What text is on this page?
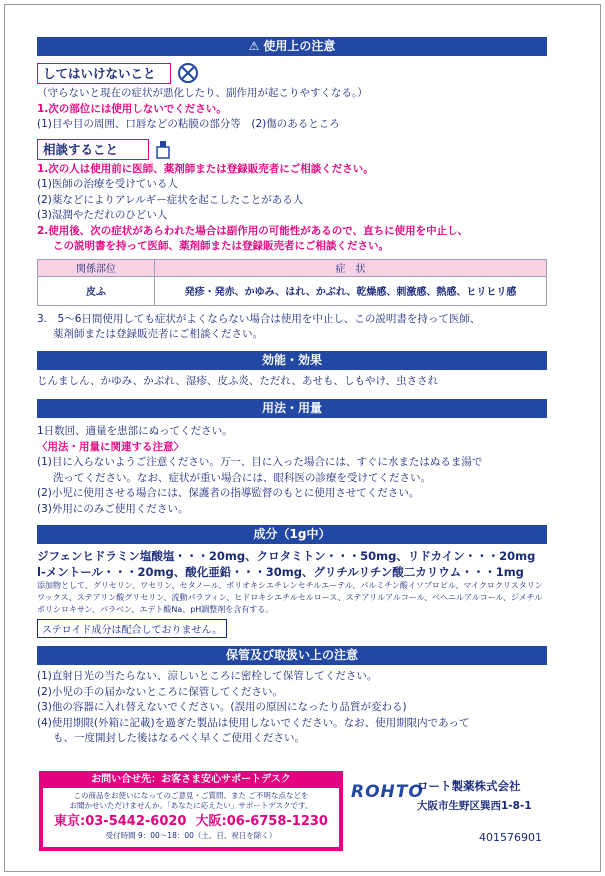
⚠ 使用上の注意
してはいけないこと
（守らないと現在の症状が悪化したり、副作用が起こりやすくなる。）
1.次の部位には使用しないでください。
(1)目や目の周囲、口唇などの粘膜の部分等　(2)傷のあるところ
相談すること
1.次の人は使用前に医師、薬剤師または登録販売者にご相談ください。
(1)医師の治療を受けている人
(2)薬などによりアレルギー症状を起こしたことがある人
(3)湿潤やただれのひどい人
2.使用後、次の症状があらわれた場合は副作用の可能性があるので、直ちに使用を中止し、
この説明書を持って医師、薬剤師または登録販売者にご相談ください。
関係部位	症　状
皮ふ	発疹・発赤、かゆみ、はれ、かぶれ、乾燥感、刺激感、熱感、ヒリヒリ感
3.　5～6日間使用しても症状がよくならない場合は使用を中止し、この説明書を持って医師、
薬剤師または登録販売者にご相談ください。
効能・効果
じんましん、かゆみ、かぶれ、湿疹、皮ふ炎、ただれ、あせも、しもやけ、虫さされ
用法・用量
1日数回、適量を患部にぬってください。
〈用法・用量に関連する注意〉
(1)目に入らないようご注意ください。万一、目に入った場合には、すぐに水またはぬるま湯で
洗ってください。なお、症状が重い場合には、眼科医の診療を受けてください。
(2)小児に使用させる場合には、保護者の指導監督のもとに使用させてください。
(3)外用にのみご使用ください。
成分（1g中）
ジフェンヒドラミン塩酸塩・・・20mg、クロタミトン・・・50mg、リドカイン・・・20mg
l-メントール・・・20mg、酸化亜鉛・・・30mg、グリチルリチン酸二カリウム・・・1mg
添加物として、グリセリン、ワセリン、セタノール、ポリオキシエチレンセチルエーテル、パルミチン酸イソプロピル、マイクロクリスタリンワックス、ステアリン酸グリセリン、流動パラフィン、ヒドロキシエチルセルロース、ステアリルアルコール、ベヘニルアルコール、ジメチルポリシロキサン、パラベン、エデト酸Na、pH調整剤を含有する。
ステロイド成分は配合しておりません。
保管及び取扱い上の注意
(1)直射日光の当たらない、涼しいところに密栓して保管してください。
(2)小児の手の届かないところに保管してください。
(3)他の容器に入れ替えないでください。(誤用の原因になったり品質が変わる)
(4)使用期限(外箱に記載)を過ぎた製品は使用しないでください。なお、使用期限内であって
も、一度開封した後はなるべく早くご使用ください。
お問い合せ先：お客さま安心サポートデスク
この商品をお使いになってのご意見・ご質問、また ご不明な点などを
お聞かせいただけませんか。「あなたに応えたい」サポートデスクです。
東京:03-5442-6020 大阪:06-6758-1230
受付時間 9：00～18：00（土、日、祝日を除く）
ROHTO
ロート製薬株式会社
大阪市生野区巽西1-8-1
401576901
